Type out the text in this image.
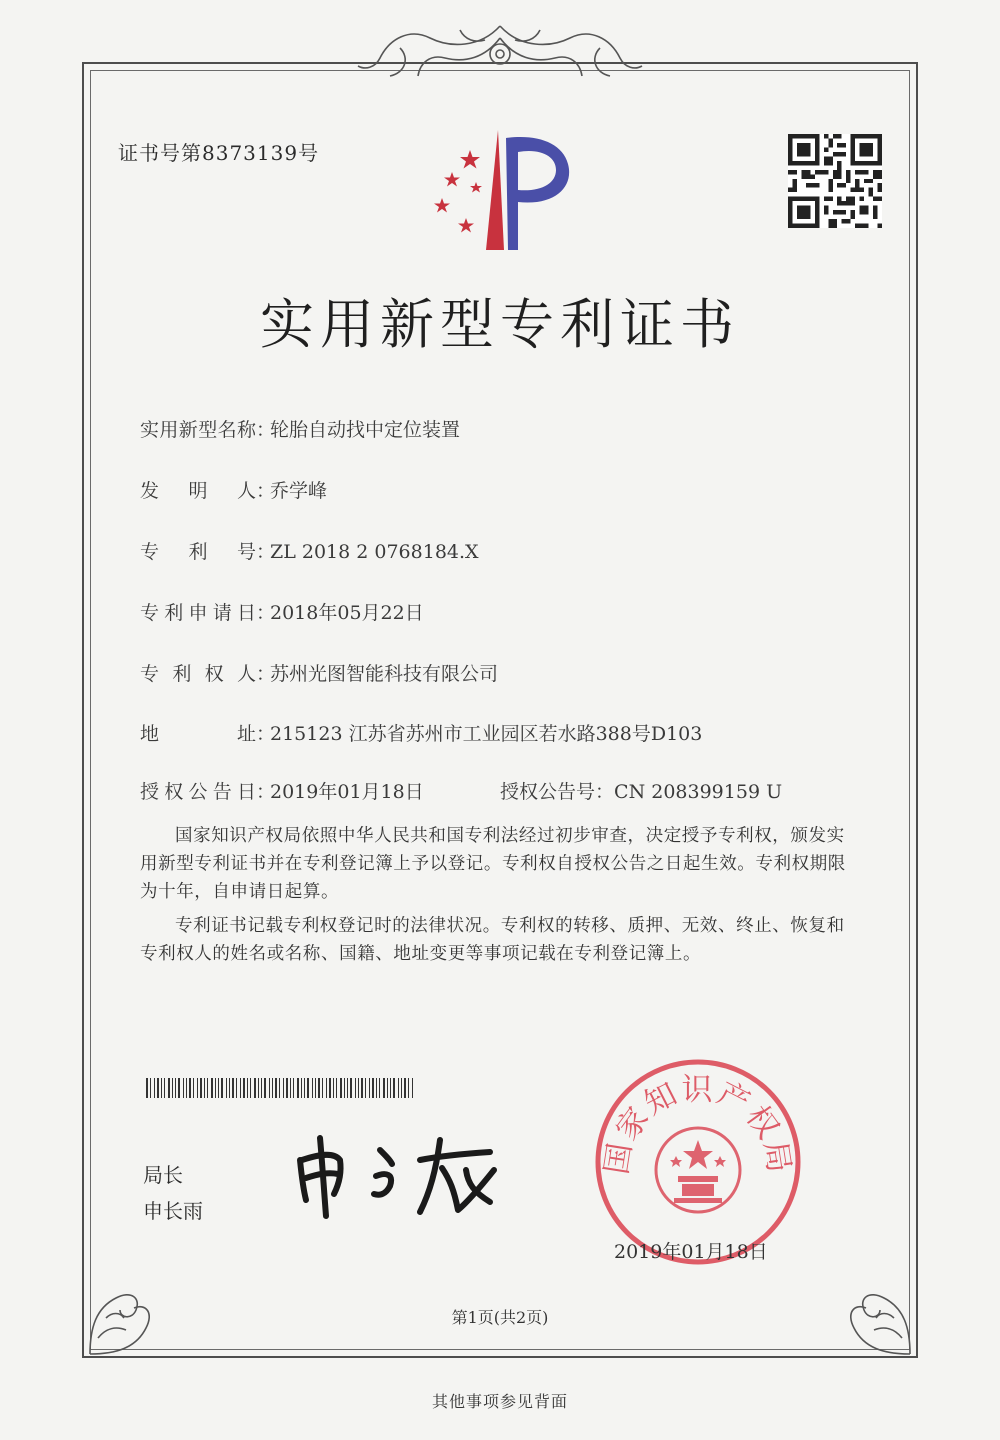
证书号第8373139号
实用新型专利证书
实用新型名称：轮胎自动找中定位装置
发明人：乔学峰
专利号：ZL 2018 2 0768184.X
专利申请日：2018年05月22日
专利权人：苏州光图智能科技有限公司
地址：215123 江苏省苏州市工业园区若水路388号D103
授权公告日：2019年01月18日	授权公告号：CN 208399159 U
国家知识产权局依照中华人民共和国专利法经过初步审查，决定授予专利权，颁发实用新型专利证书并在专利登记簿上予以登记。专利权自授权公告之日起生效。专利权期限为十年，自申请日起算。
专利证书记载专利权登记时的法律状况。专利权的转移、质押、无效、终止、恢复和专利权人的姓名或名称、国籍、地址变更等事项记载在专利登记簿上。
局长
申长雨
国家知识产权局
2019年01月18日
第1页(共2页)
其他事项参见背面
